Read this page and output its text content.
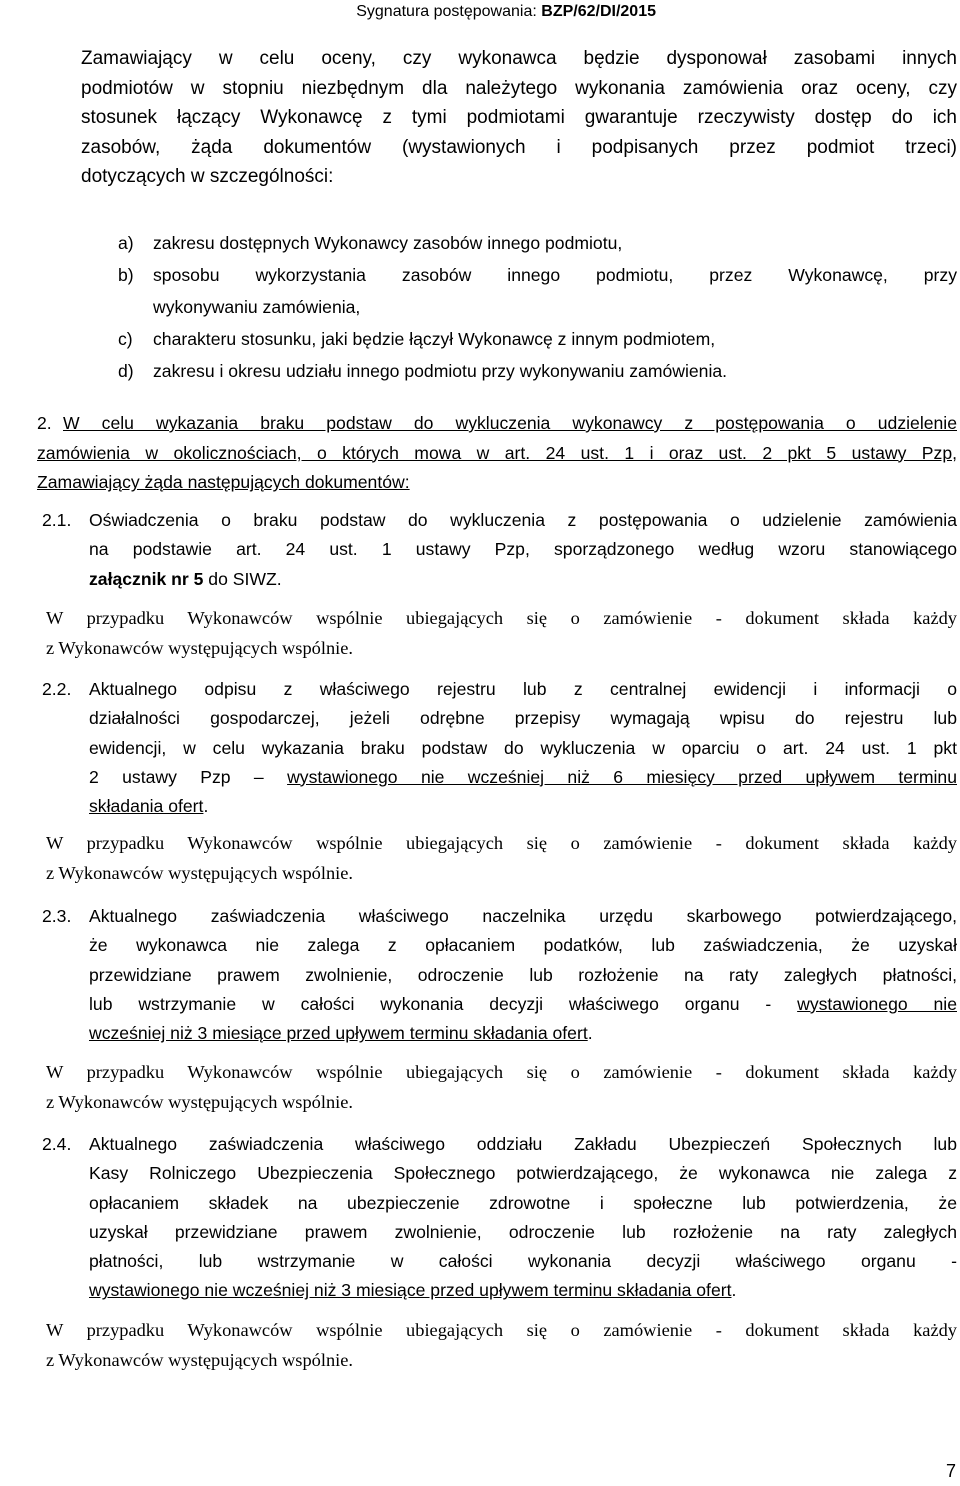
Sygnatura postępowania: BZP/62/DI/2015

Zamawiający w celu oceny, czy wykonawca będzie dysponował zasobami innych

podmiotów w stopniu niezbędnym dla należytego wykonania zamówienia oraz oceny, czy

stosunek łączący Wykonawcę z tymi podmiotami gwarantuje rzeczywisty dostęp do ich

zasobów, żąda dokumentów (wystawionych i podpisanych przez podmiot trzeci)

dotyczących w szczególności:

a) zakresu dostępnych Wykonawcy zasobów innego podmiotu,

b) sposobu wykorzystania zasobów innego podmiotu, przez Wykonawcę, przy

wykonywaniu zamówienia,

c) charakteru stosunku, jaki będzie łączył Wykonawcę z innym podmiotem,

d) zakresu i okresu udziału innego podmiotu przy wykonywaniu zamówienia.

2. W celu wykazania braku podstaw do wykluczenia wykonawcy z postępowania o udzielenie

zamówienia w okolicznościach, o których mowa w art. 24 ust. 1 i oraz ust. 2 pkt 5 ustawy Pzp,

Zamawiający żąda następujących dokumentów:

2.1. Oświadczenia o braku podstaw do wykluczenia z postępowania o udzielenie zamówienia

na podstawie art. 24 ust. 1 ustawy Pzp, sporządzonego według wzoru stanowiącego

załącznik nr 5 do SIWZ.

W przypadku Wykonawców wspólnie ubiegających się o zamówienie - dokument składa każdy

z Wykonawców występujących wspólnie.

2.2. Aktualnego odpisu z właściwego rejestru lub z centralnej ewidencji i informacji o

działalności gospodarczej, jeżeli odrębne przepisy wymagają wpisu do rejestru lub

ewidencji, w celu wykazania braku podstaw do wykluczenia w oparciu o art. 24 ust. 1 pkt

2 ustawy Pzp – wystawionego nie wcześniej niż 6 miesięcy przed upływem terminu

składania ofert.

W przypadku Wykonawców wspólnie ubiegających się o zamówienie - dokument składa każdy

z Wykonawców występujących wspólnie.

2.3. Aktualnego zaświadczenia właściwego naczelnika urzędu skarbowego potwierdzającego,

że wykonawca nie zalega z opłacaniem podatków, lub zaświadczenia, że uzyskał

przewidziane prawem zwolnienie, odroczenie lub rozłożenie na raty zaległych płatności,

lub wstrzymanie w całości wykonania decyzji właściwego organu - wystawionego nie

wcześniej niż 3 miesiące przed upływem terminu składania ofert.

W przypadku Wykonawców wspólnie ubiegających się o zamówienie - dokument składa każdy

z Wykonawców występujących wspólnie.

2.4. Aktualnego zaświadczenia właściwego oddziału Zakładu Ubezpieczeń Społecznych lub

Kasy Rolniczego Ubezpieczenia Społecznego potwierdzającego, że wykonawca nie zalega z

opłacaniem składek na ubezpieczenie zdrowotne i społeczne lub potwierdzenia, że

uzyskał przewidziane prawem zwolnienie, odroczenie lub rozłożenie na raty zaległych

płatności, lub wstrzymanie w całości wykonania decyzji właściwego organu -

wystawionego nie wcześniej niż 3 miesiące przed upływem terminu składania ofert.

W przypadku Wykonawców wspólnie ubiegających się o zamówienie - dokument składa każdy

z Wykonawców występujących wspólnie.

7
